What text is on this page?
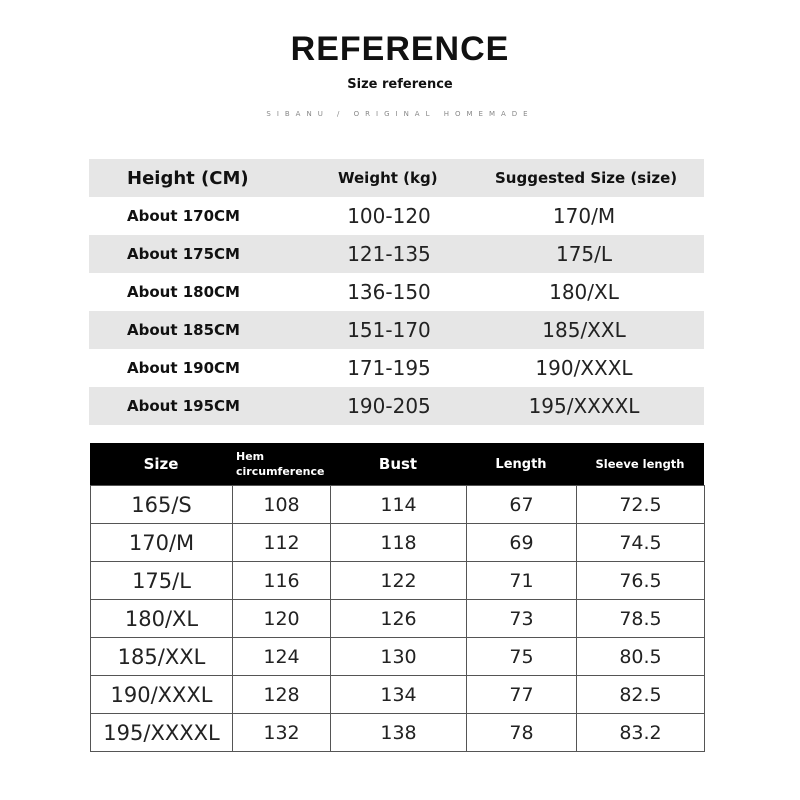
REFERENCE
Size reference
SIBANU / ORIGINAL HOMEMADE
Height (CM)	Weight (kg)	Suggested Size (size)
About 170CM	100-120	170/M
About 175CM	121-135	175/L
About 180CM	136-150	180/XL
About 185CM	151-170	185/XXL
About 190CM	171-195	190/XXXL
About 195CM	190-205	195/XXXXL
Size	Hem circumference	Bust	Length	Sleeve length
165/S	108	114	67	72.5
170/M	112	118	69	74.5
175/L	116	122	71	76.5
180/XL	120	126	73	78.5
185/XXL	124	130	75	80.5
190/XXXL	128	134	77	82.5
195/XXXXL	132	138	78	83.2
